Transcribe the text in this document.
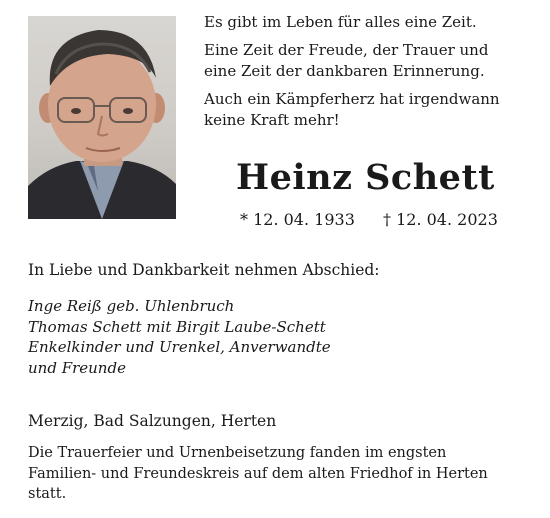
Es gibt im Leben für alles eine Zeit.

Eine Zeit der Freude, der Trauer und
eine Zeit der dankbaren Erinnerung.

Auch ein Kämpferherz hat irgendwann
keine Kraft mehr!

Heinz Schett
* 12. 04. 1933 † 12. 04. 2023
In Liebe und Dankbarkeit nehmen Abschied:
Inge Reiß geb. Uhlenbruch
Thomas Schett mit Birgit Laube-Schett
Enkelkinder und Urenkel, Anverwandte
und Freunde
Merzig, Bad Salzungen, Herten
Die Trauerfeier und Urnenbeisetzung fanden im engsten
Familien- und Freundeskreis auf dem alten Friedhof in Herten
statt.
